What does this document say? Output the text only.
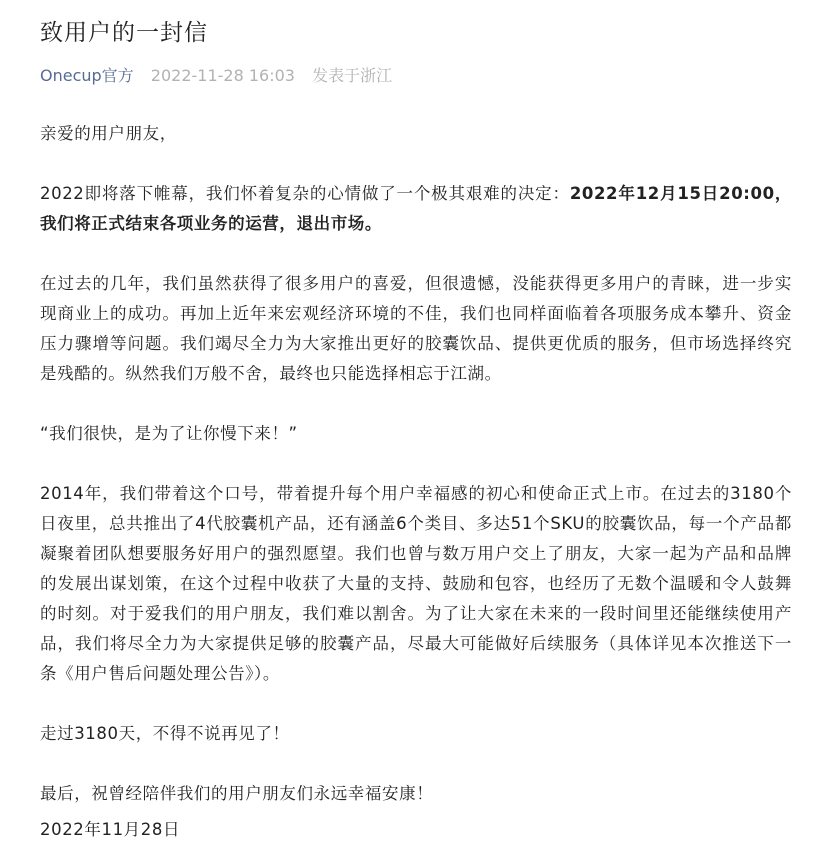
致用户的一封信
Onecup官方 2022-11-28 16:03 发表于浙江

亲爱的用户朋友，

2022即将落下帷幕，我们怀着复杂的心情做了一个极其艰难的决定：2022年12月15日20:00，我们将正式结束各项业务的运营，退出市场。

在过去的几年，我们虽然获得了很多用户的喜爱，但很遗憾，没能获得更多用户的青睐，进一步实现商业上的成功。再加上近年来宏观经济环境的不佳，我们也同样面临着各项服务成本攀升、资金压力骤增等问题。我们竭尽全力为大家推出更好的胶囊饮品、提供更优质的服务，但市场选择终究是残酷的。纵然我们万般不舍，最终也只能选择相忘于江湖。

“我们很快，是为了让你慢下来！”

2014年，我们带着这个口号，带着提升每个用户幸福感的初心和使命正式上市。在过去的3180个日夜里，总共推出了4代胶囊机产品，还有涵盖6个类目、多达51个SKU的胶囊饮品，每一个产品都凝聚着团队想要服务好用户的强烈愿望。我们也曾与数万用户交上了朋友，大家一起为产品和品牌的发展出谋划策，在这个过程中收获了大量的支持、鼓励和包容，也经历了无数个温暖和令人鼓舞的时刻。对于爱我们的用户朋友，我们难以割舍。为了让大家在未来的一段时间里还能继续使用产品，我们将尽全力为大家提供足够的胶囊产品，尽最大可能做好后续服务（具体详见本次推送下一条《用户售后问题处理公告》）。

走过3180天，不得不说再见了！

最后，祝曾经陪伴我们的用户朋友们永远幸福安康！

2022年11月28日
